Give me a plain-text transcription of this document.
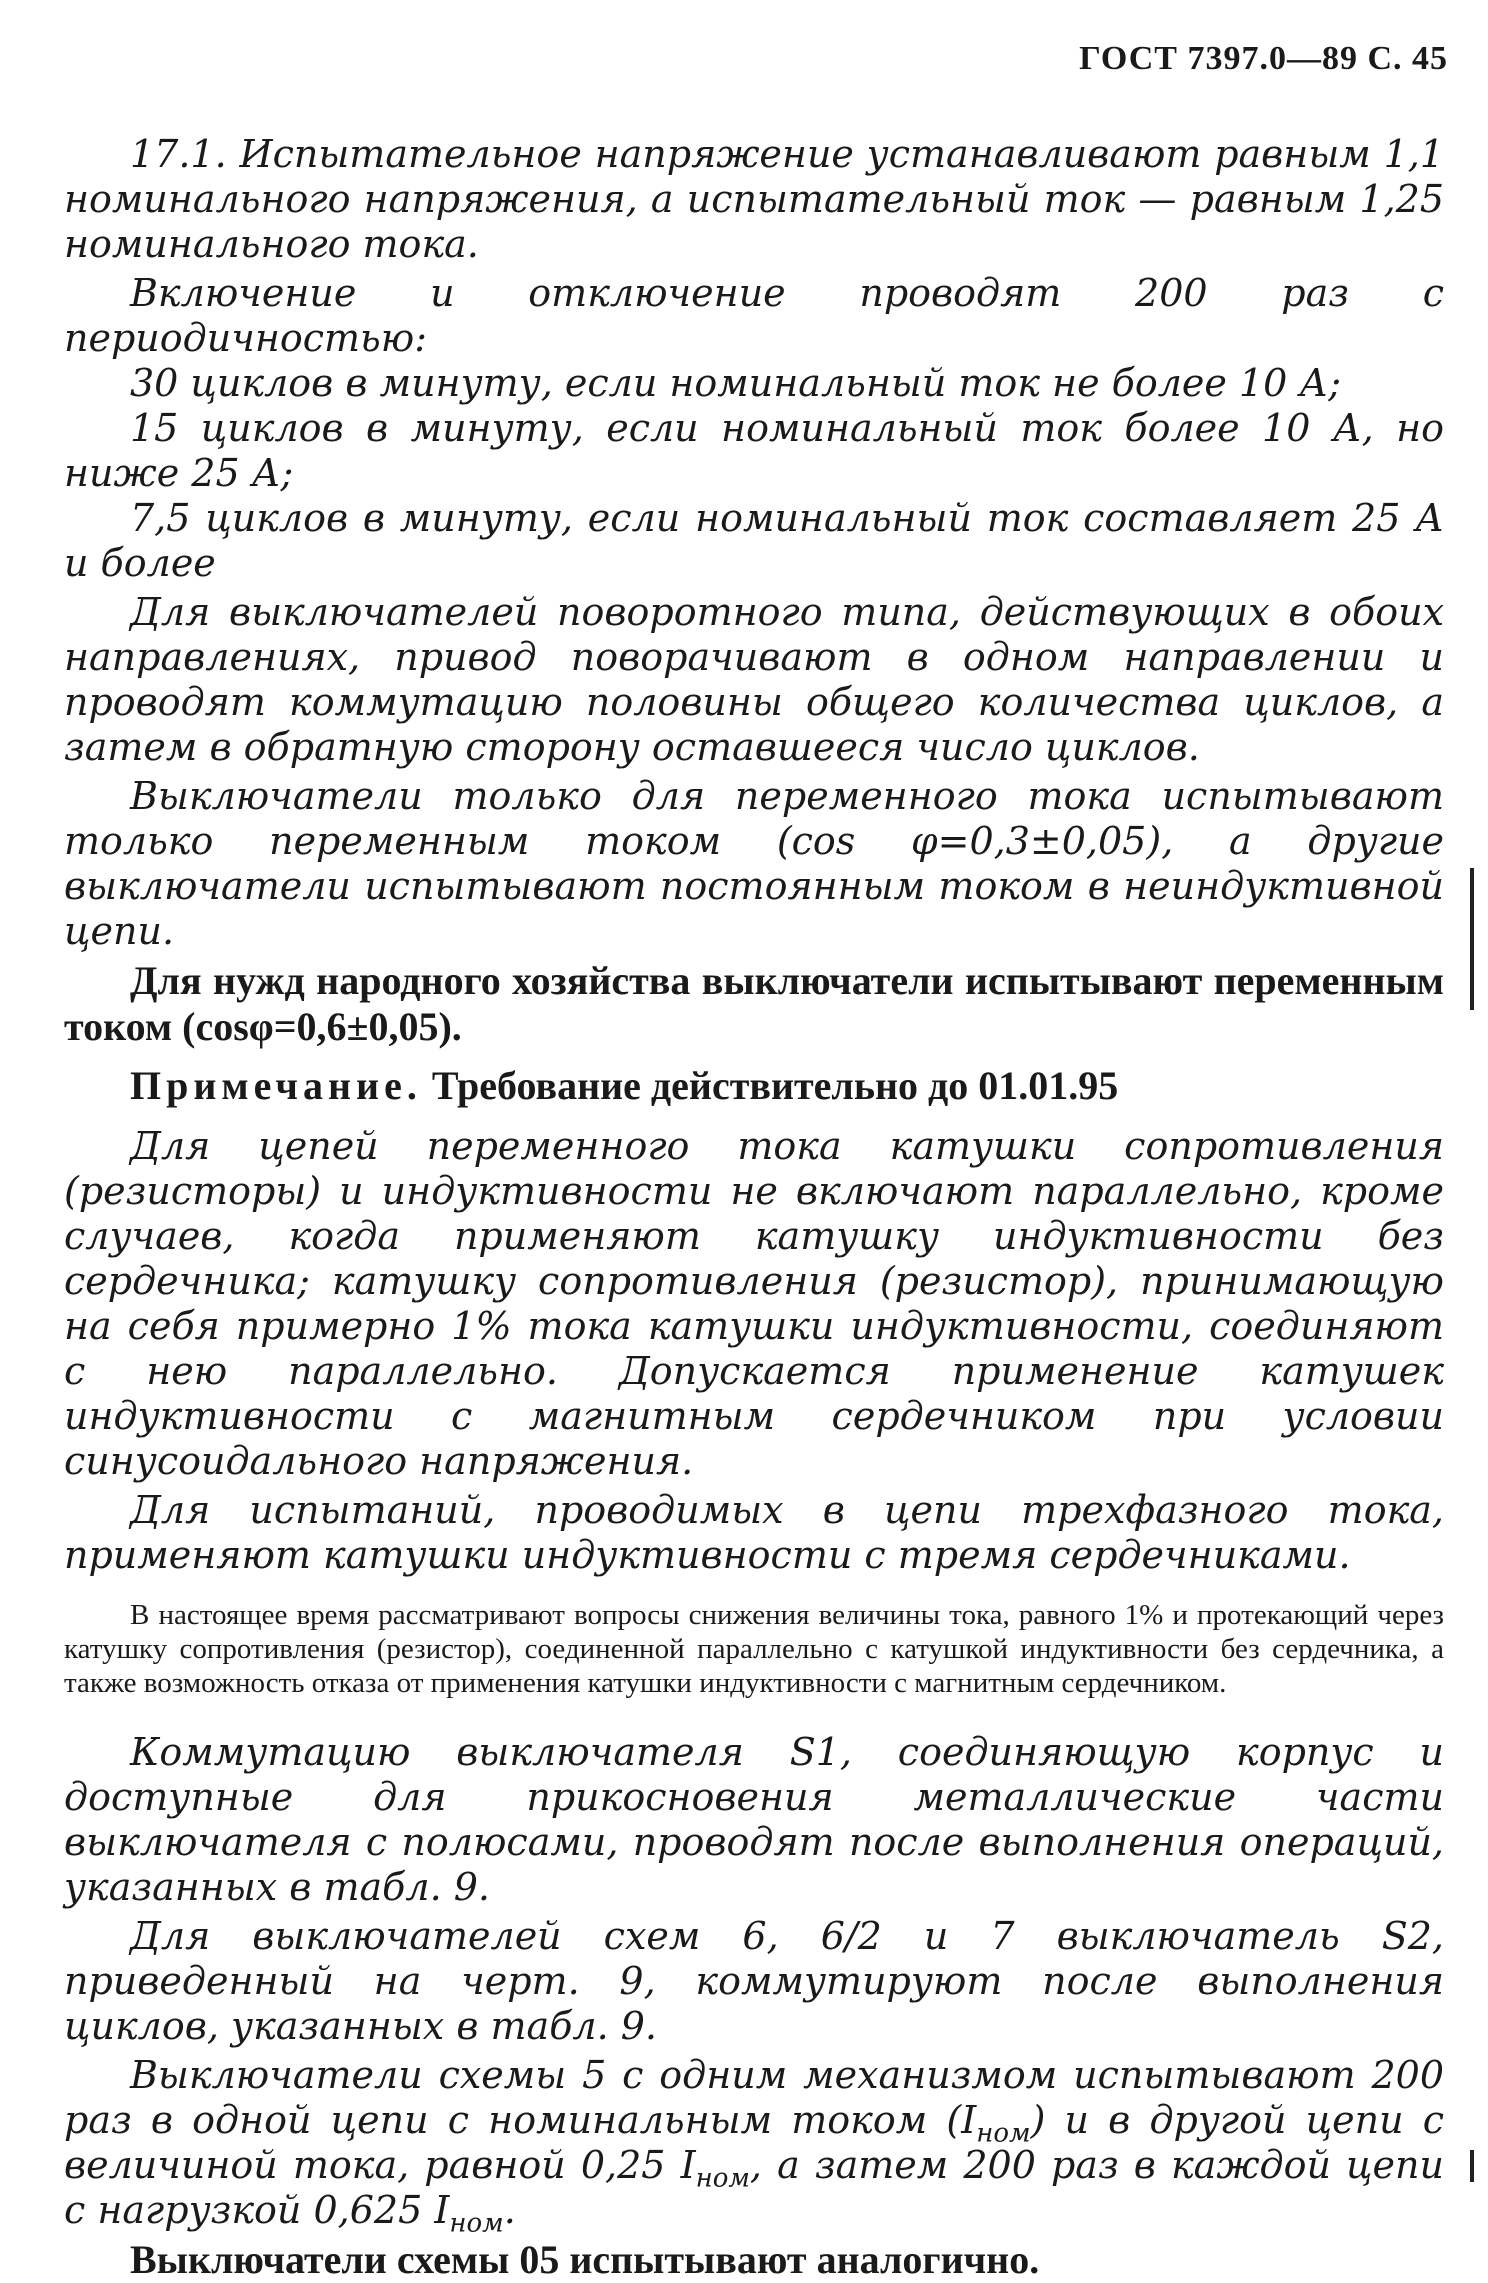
ГОСТ 7397.0—89 С. 45

17.1. Испытательное напряжение устанавливают равным 1,1 номинального напряжения, а испытательный ток — равным 1,25 номинального тока.

Включение и отключение проводят 200 раз с периодичностью:

30 циклов в минуту, если номинальный ток не более 10 А;

15 циклов в минуту, если номинальный ток более 10 А, но ниже 25 А;

7,5 циклов в минуту, если номинальный ток составляет 25 А и более

Для выключателей поворотного типа, действующих в обоих направлениях, привод поворачивают в одном направлении и проводят коммутацию половины общего количества циклов, а затем в обратную сторону оставшееся число циклов.

Выключатели только для переменного тока испытывают только переменным током (cos φ=0,3±0,05), а другие выключатели испытывают постоянным током в неиндуктивной цепи.

Для нужд народного хозяйства выключатели испытывают переменным током (cosφ=0,6±0,05).

Примечание. Требование действительно до 01.01.95

Для цепей переменного тока катушки сопротивления (резисторы) и индуктивности не включают параллельно, кроме случаев, когда применяют катушку индуктивности без сердечника; катушку сопротивления (резистор), принимающую на себя примерно 1% тока катушки индуктивности, соединяют с нею параллельно. Допускается применение катушек индуктивности с магнитным сердечником при условии синусоидального напряжения.

Для испытаний, проводимых в цепи трехфазного тока, применяют катушки индуктивности с тремя сердечниками.

В настоящее время рассматривают вопросы снижения величины тока, равного 1% и протекающий через катушку сопротивления (резистор), соединенной параллельно с катушкой индуктивности без сердечника, а также возможность отказа от применения катушки индуктивности с магнитным сердечником.

Коммутацию выключателя S1, соединяющую корпус и доступные для прикосновения металлические части выключателя с полюсами, проводят после выполнения операций, указанных в табл. 9.

Для выключателей схем 6, 6/2 и 7 выключатель S2, приведенный на черт. 9, коммутируют после выполнения циклов, указанных в табл. 9.

Выключатели схемы 5 с одним механизмом испытывают 200 раз в одной цепи с номинальным током $(I_{ном})$ и в другой цепи с величиной тока, равной 0,25 $I_{ном}$, а затем 200 раз в каждой цепи с нагрузкой 0,625 $I_{ном}$.

Выключатели схемы 05 испытывают аналогично.
